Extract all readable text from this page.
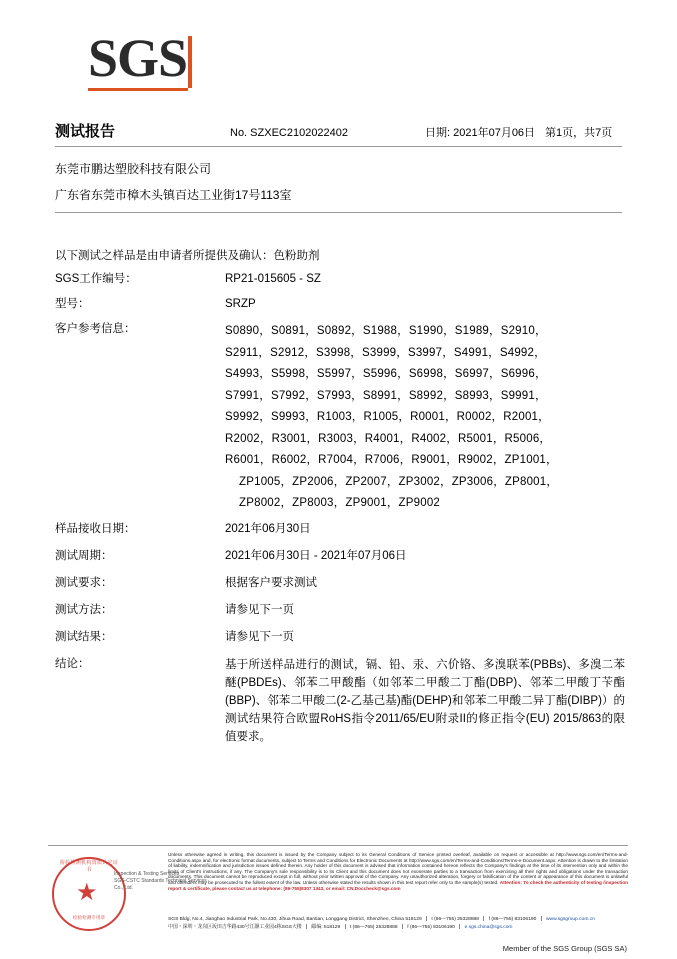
SGS
测试报告	No. SZXEC2102022402	日期: 2021年07月06日 第1页，共7页
东莞市鹏达塑胶科技有限公司
广东省东莞市樟木头镇百达工业街17号113室
以下测试之样品是由申请者所提供及确认：色粉助剂
SGS工作编号：	RP21-015605 - SZ
型号：	SRZP
客户参考信息：	S0890，S0891，S0892，S1988，S1990，S1989，S2910，
S2911，S2912，S3998，S3999，S3997，S4991，S4992，
S4993，S5998，S5997，S5996，S6998，S6997，S6996，
S7991，S7992，S7993，S8991，S8992，S8993，S9991，
S9992，S9993，R1003，R1005，R0001，R0002，R2001，
R2002，R3001，R3003，R4001，R4002，R5001，R5006，
R6001，R6002，R7004，R7006，R9001，R9002，ZP1001，
ZP1005，ZP2006，ZP2007，ZP3002，ZP3006，ZP8001，
ZP8002，ZP8003，ZP9001，ZP9002
样品接收日期：	2021年06月30日
测试周期：	2021年06月30日 - 2021年07月06日
测试要求：	根据客户要求测试
测试方法：	请参见下一页
测试结果：	请参见下一页
结论：	基于所送样品进行的测试，镉、铅、汞、六价铬、多溴联苯(PBBs)、多溴二苯醚(PBDEs)、邻苯二甲酸酯（如邻苯二甲酸二丁酯(DBP)、邻苯二甲酸丁苄酯(BBP)、邻苯二甲酸二(2-乙基己基)酯(DEHP)和邻苯二甲酸二异丁酯(DIBP)）的测试结果符合欧盟RoHS指令2011/65/EU附录II的修正指令(EU) 2015/863的限值要求。
检验检测机构资质认定证书
★
检验检测专用章
Inspection & Testing Services
SGS-CSTC Standards Technical Services Co., Ltd.
Unless otherwise agreed in writing, this document is issued by the Company subject to its General Conditions of Service printed overleaf, available on request or accessible at http://www.sgs.com/en/Terms-and-Conditions.aspx and, for electronic format documents, subject to Terms and Conditions for Electronic Documents at http://www.sgs.com/en/Terms-and-Conditions/Terms-e-Document.aspx. Attention is drawn to the limitation of liability, indemnification and jurisdiction issues defined therein. Any holder of this document is advised that information contained hereon reflects the Company's findings at the time of its intervention only and within the limits of Client's instructions, if any. The Company's sole responsibility is to its Client and this document does not exonerate parties to a transaction from exercising all their rights and obligations under the transaction documents. This document cannot be reproduced except in full, without prior written approval of the Company. Any unauthorized alteration, forgery or falsification of the content or appearance of this document is unlawful and offenders may be prosecuted to the fullest extent of the law. Unless otherwise stated the results shown in this test report refer only to the sample(s) tested. Attention: To check the authenticity of testing /inspection report & certificate, please contact us at telephone: (86-755)8307 1443, or email: CN.Doccheck@sgs.com
SGS Bldg, No.4, Jianghao Industrial Park, No.430, Jihua Road, Bantian, Longgang District, Shenzhen, China 518129 t (86—755) 25328888 f (86—755) 83106190 www.sgsgroup.com.cn
中国・深圳・龙岗区坂田吉华路430号江灏工业园4栋SGS大楼 邮编: 518129 t (86—755) 25328888 f (86—755) 83106190 e sgs.china@sgs.com
Member of the SGS Group (SGS SA)
